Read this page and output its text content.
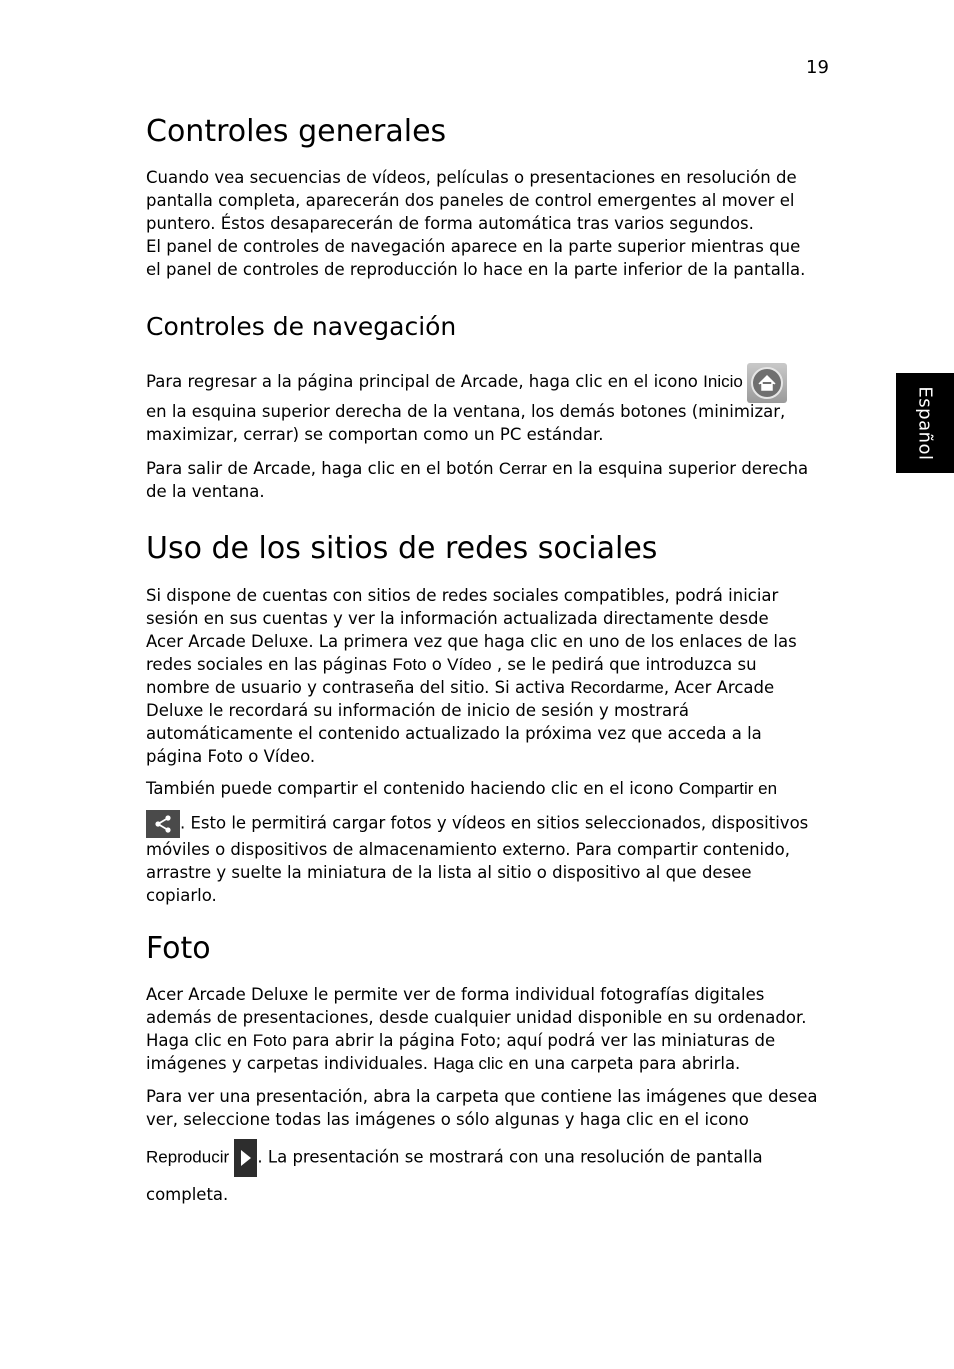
19
Español
Controles generales

Cuando vea secuencias de vídeos, películas o presentaciones en resolución de
pantalla completa, aparecerán dos paneles de control emergentes al mover el
puntero. Éstos desaparecerán de forma automática tras varios segundos.
El panel de controles de navegación aparece en la parte superior mientras que
el panel de controles de reproducción lo hace en la parte inferior de la pantalla.

Controles de navegación

Para regresar a la página principal de Arcade, haga clic en el icono Inicio
en la esquina superior derecha de la ventana, los demás botones (minimizar,
maximizar, cerrar) se comportan como un PC estándar.

Para salir de Arcade, haga clic en el botón Cerrar en la esquina superior derecha
de la ventana.

Uso de los sitios de redes sociales

Si dispone de cuentas con sitios de redes sociales compatibles, podrá iniciar
sesión en sus cuentas y ver la información actualizada directamente desde
Acer Arcade Deluxe. La primera vez que haga clic en uno de los enlaces de las
redes sociales en las páginas Foto o Vídeo , se le pedirá que introduzca su
nombre de usuario y contraseña del sitio. Si activa Recordarme, Acer Arcade
Deluxe le recordará su información de inicio de sesión y mostrará
automáticamente el contenido actualizado la próxima vez que acceda a la
página Foto o Vídeo.

También puede compartir el contenido haciendo clic en el icono Compartir en
. Esto le permitirá cargar fotos y vídeos en sitios seleccionados, dispositivos
móviles o dispositivos de almacenamiento externo. Para compartir contenido,
arrastre y suelte la miniatura de la lista al sitio o dispositivo al que desee
copiarlo.

Foto

Acer Arcade Deluxe le permite ver de forma individual fotografías digitales
además de presentaciones, desde cualquier unidad disponible en su ordenador.
Haga clic en Foto para abrir la página Foto; aquí podrá ver las miniaturas de
imágenes y carpetas individuales. Haga clic en una carpeta para abrirla.

Para ver una presentación, abra la carpeta que contiene las imágenes que desea
ver, seleccione todas las imágenes o sólo algunas y haga clic en el icono
Reproducir . La presentación se mostrará con una resolución de pantalla
completa.
